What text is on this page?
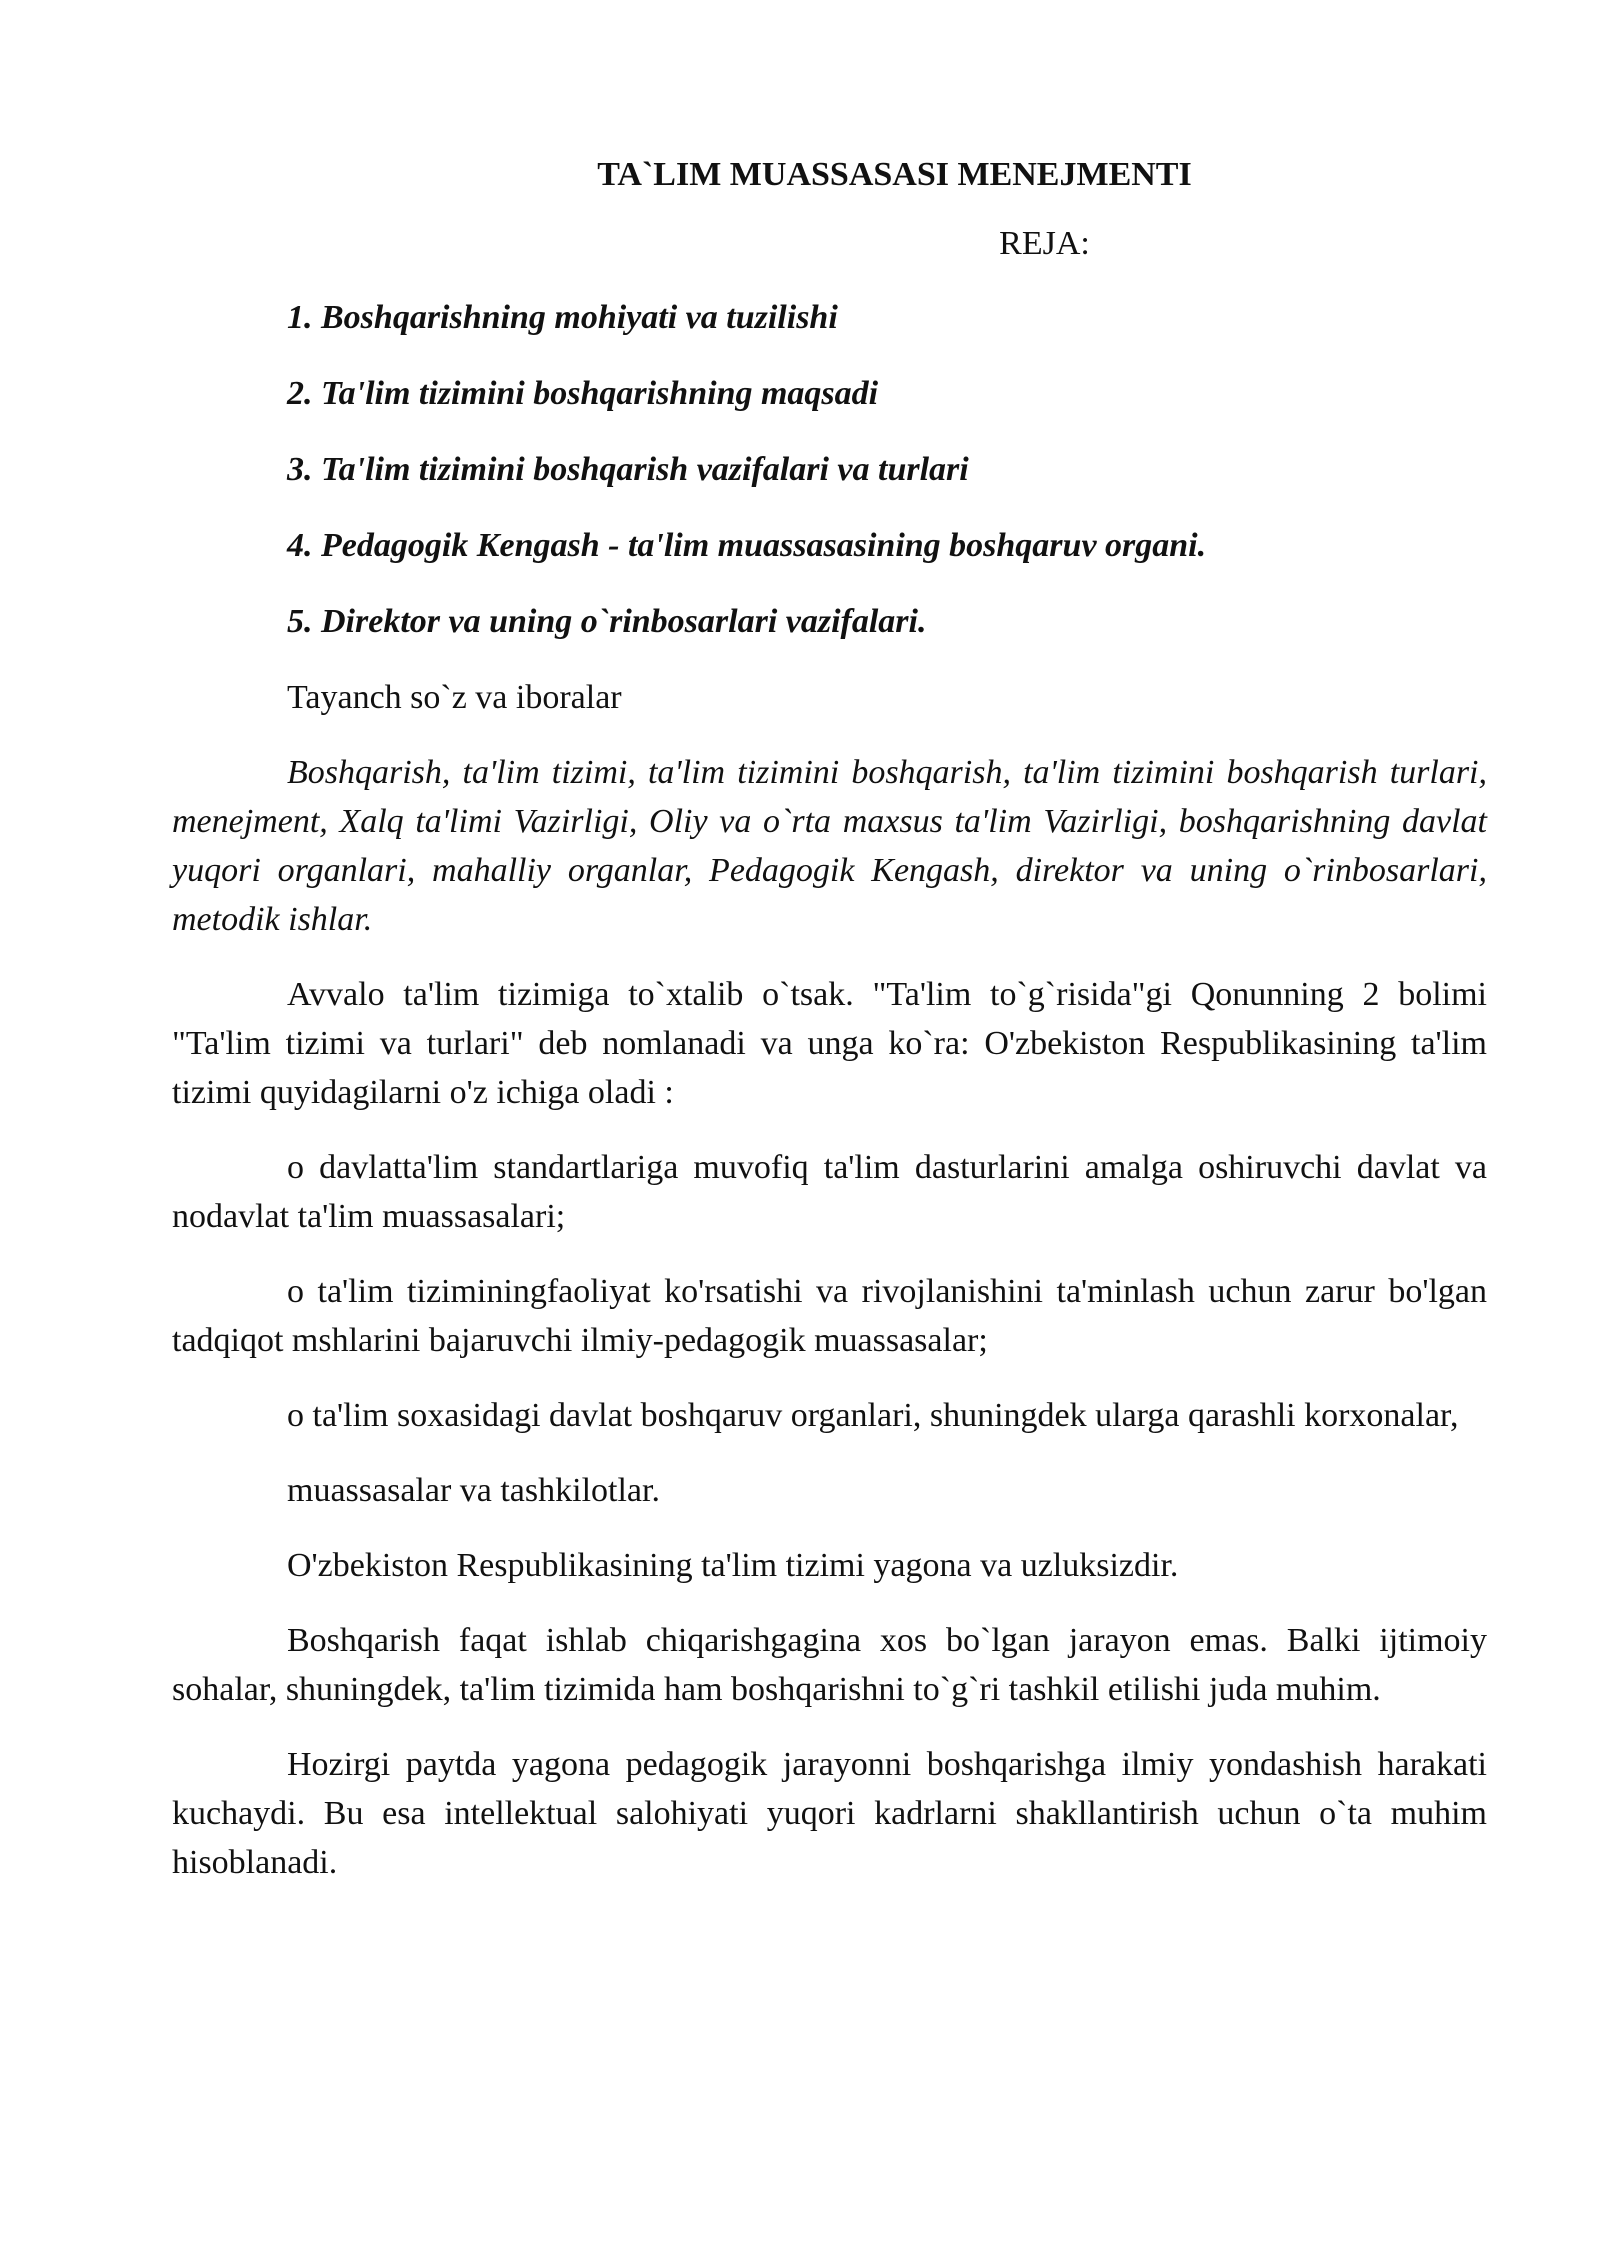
TA`LIM MUASSASASI MENEJMENTI
REJA:
1. Boshqarishning mohiyati va tuzilishi
2. Ta'lim tizimini boshqarishning maqsadi
3. Ta'lim tizimini boshqarish vazifalari va turlari
4. Pedagogik Kengash - ta'lim muassasasining boshqaruv organi.
5. Direktor va uning o`rinbosarlari vazifalari.
Tayanch so`z va iboralar

Boshqarish, ta'lim tizimi, ta'lim tizimini boshqarish, ta'lim tizimini boshqarish turlari, menejment, Xalq ta'limi Vazirligi, Oliy va o`rta maxsus ta'lim Vazirligi, boshqarishning davlat yuqori organlari, mahalliy organlar, Pedagogik Kengash, direktor va uning o`rinbosarlari, metodik ishlar.

Avvalo ta'lim tizimiga to`xtalib o`tsak. "Ta'lim to`g`risida"gi Qonunning 2 bolimi "Ta'lim tizimi va turlari" deb nomlanadi va unga ko`ra: O'zbekiston Respublikasining ta'lim tizimi quyidagilarni o'z ichiga oladi :

o davlatta'lim standartlariga muvofiq ta'lim dasturlarini amalga oshiruvchi davlat va nodavlat ta'lim muassasalari;

o ta'lim tiziminingfaoliyat ko'rsatishi va rivojlanishini ta'minlash uchun zarur bo'lgan tadqiqot mshlarini bajaruvchi ilmiy-pedagogik muassasalar;

o ta'lim soxasidagi davlat boshqaruv organlari, shuningdek ularga qarashli korxonalar,

muassasalar va tashkilotlar.

O'zbekiston Respublikasining ta'lim tizimi yagona va uzluksizdir.

Boshqarish faqat ishlab chiqarishgagina xos bo`lgan jarayon emas. Balki ijtimoiy sohalar, shuningdek, ta'lim tizimida ham boshqarishni to`g`ri tashkil etilishi juda muhim.

Hozirgi paytda yagona pedagogik jarayonni boshqarishga ilmiy yondashish harakati kuchaydi. Bu esa intellektual salohiyati yuqori kadrlarni shakllantirish uchun o`ta muhim hisoblanadi.
